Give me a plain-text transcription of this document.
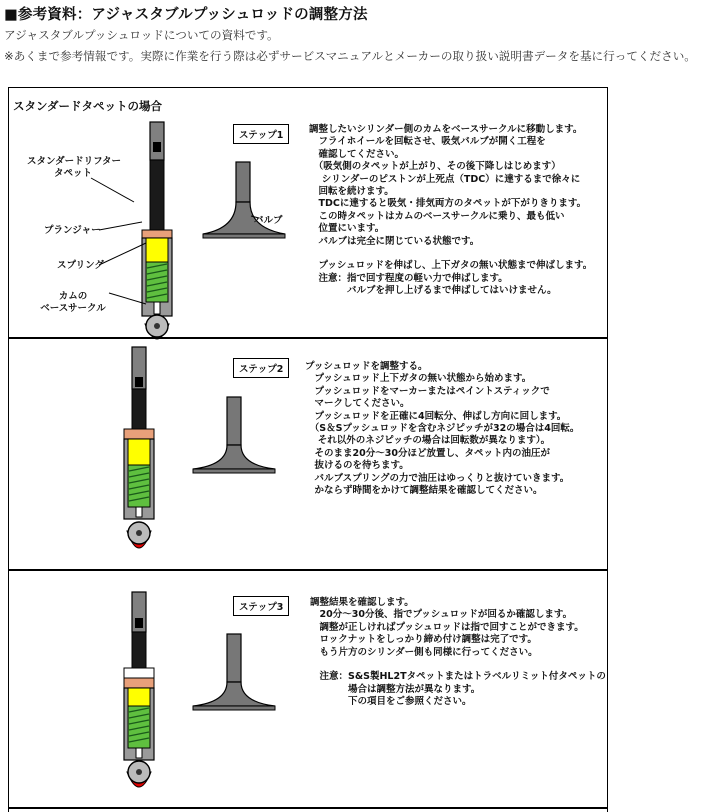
■参考資料：アジャスタブルプッシュロッドの調整方法
アジャスタブルプッシュロッドについての資料です。
※あくまで参考情報です。実際に作業を行う際は必ずサービスマニュアルとメーカーの取り扱い説明書データを基に行ってください。
スタンダードタペットの場合
スタンダードリフター
タペット
プランジャー
スプリング
カムの
ベースサークル
ステップ1
バルブ
調整したいシリンダー側のカムをベースサークルに移動します。
　フライホイールを回転させ、吸気バルブが開く工程を
　確認してください。
　（吸気側のタペットが上がり、その後下降しはじめます）
　 シリンダーのピストンが上死点（TDC）に達するまで徐々に
　回転を続けます。
　TDCに達すると吸気・排気両方のタペットが下がりきります。
　この時タペットはカムのベースサークルに乗り、最も低い
　位置にいます。
　バルブは完全に閉じている状態です。

　プッシュロッドを伸ばし、上下ガタの無い状態まで伸ばします。
　注意：指で回す程度の軽い力で伸ばします。
　　　　バルブを押し上げるまで伸ばしてはいけません。
ステップ2	プッシュロッドを調整する。
　プッシュロッド上下ガタの無い状態から始めます。
　プッシュロッドをマーカーまたはペイントスティックで
　マークしてください。
　プッシュロッドを正確に4回転分、伸ばし方向に回します。
　（S＆Sプッシュロッドを含むネジピッチが32の場合は4回転。
　 それ以外のネジピッチの場合は回転数が異なります）。
　そのまま20分～30分ほど放置し、タペット内の油圧が
　抜けるのを待ちます。
　バルブスプリングの力で油圧はゆっくりと抜けていきます。
　かならず時間をかけて調整結果を確認してください。
ステップ3	調整結果を確認します。
　20分～30分後、指でプッシュロッドが回るか確認します。
　調整が正しければプッシュロッドは指で回すことができます。
　ロックナットをしっかり締め付け調整は完了です。
　もう片方のシリンダー側も同様に行ってください。

　注意：S&S製HL2Tタペットまたはトラベルリミット付タペットの
　　　　場合は調整方法が異なります。
　　　　下の項目をご参照ください。
